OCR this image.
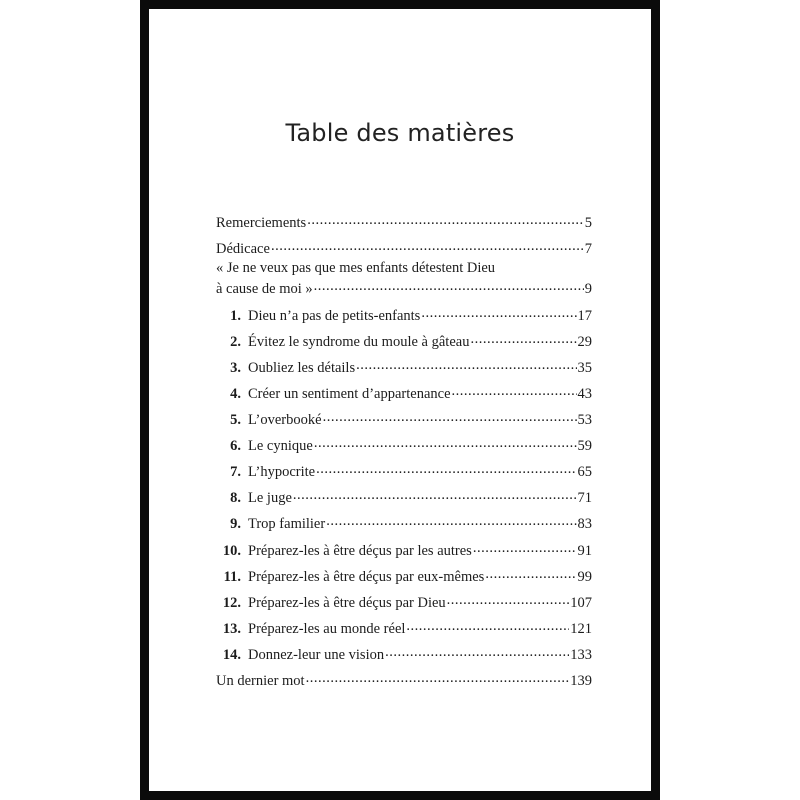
Table des matières
Remerciements .....	5
Dédicace .....	7
« Je ne veux pas que mes enfants détestent Dieu
à cause de moi » .....	9
1. Dieu n’a pas de petits-enfants .....	17
2. Évitez le syndrome du moule à gâteau .....	29
3. Oubliez les détails .....	35
4. Créer un sentiment d’appartenance .....	43
5. L’overbooké .....	53
6. Le cynique .....	59
7. L’hypocrite .....	65
8. Le juge .....	71
9. Trop familier .....	83
10. Préparez-les à être déçus par les autres .....	91
11. Préparez-les à être déçus par eux-mêmes .....	99
12. Préparez-les à être déçus par Dieu .....	107
13. Préparez-les au monde réel .....	121
14. Donnez-leur une vision .....	133
Un dernier mot .....	139
